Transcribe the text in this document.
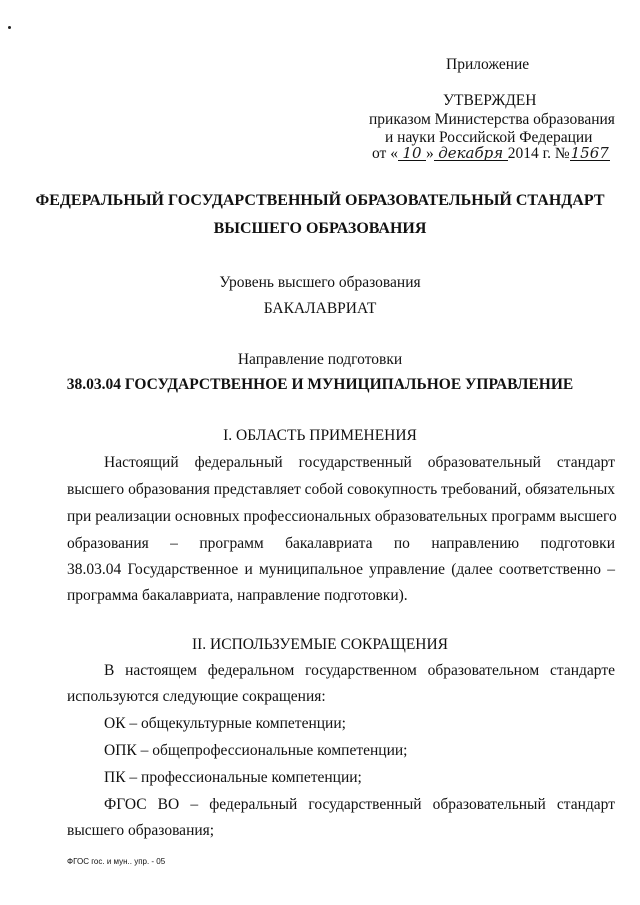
Приложение
УТВЕРЖДЕН
приказом Министерства образования
и науки Российской Федерации
от « 10 » декабря 2014 г. №1567
ФЕДЕРАЛЬНЫЙ ГОСУДАРСТВЕННЫЙ ОБРАЗОВАТЕЛЬНЫЙ СТАНДАРТ
ВЫСШЕГО ОБРАЗОВАНИЯ
Уровень высшего образования
БАКАЛАВРИАТ
Направление подготовки
38.03.04 ГОСУДАРСТВЕННОЕ И МУНИЦИПАЛЬНОЕ УПРАВЛЕНИЕ
I. ОБЛАСТЬ ПРИМЕНЕНИЯ
Настоящий федеральный государственный образовательный стандарт
высшего образования представляет собой совокупность требований, обязательных
при реализации основных профессиональных образовательных программ высшего
образования – программ бакалавриата по направлению подготовки
38.03.04 Государственное и муниципальное управление (далее соответственно –
программа бакалавриата, направление подготовки).
II. ИСПОЛЬЗУЕМЫЕ СОКРАЩЕНИЯ
В настоящем федеральном государственном образовательном стандарте
используются следующие сокращения:
ОК – общекультурные компетенции;
ОПК – общепрофессиональные компетенции;
ПК – профессиональные компетенции;
ФГОС ВО – федеральный государственный образовательный стандарт
высшего образования;
ФГОС гос. и мун.. упр. - 05
